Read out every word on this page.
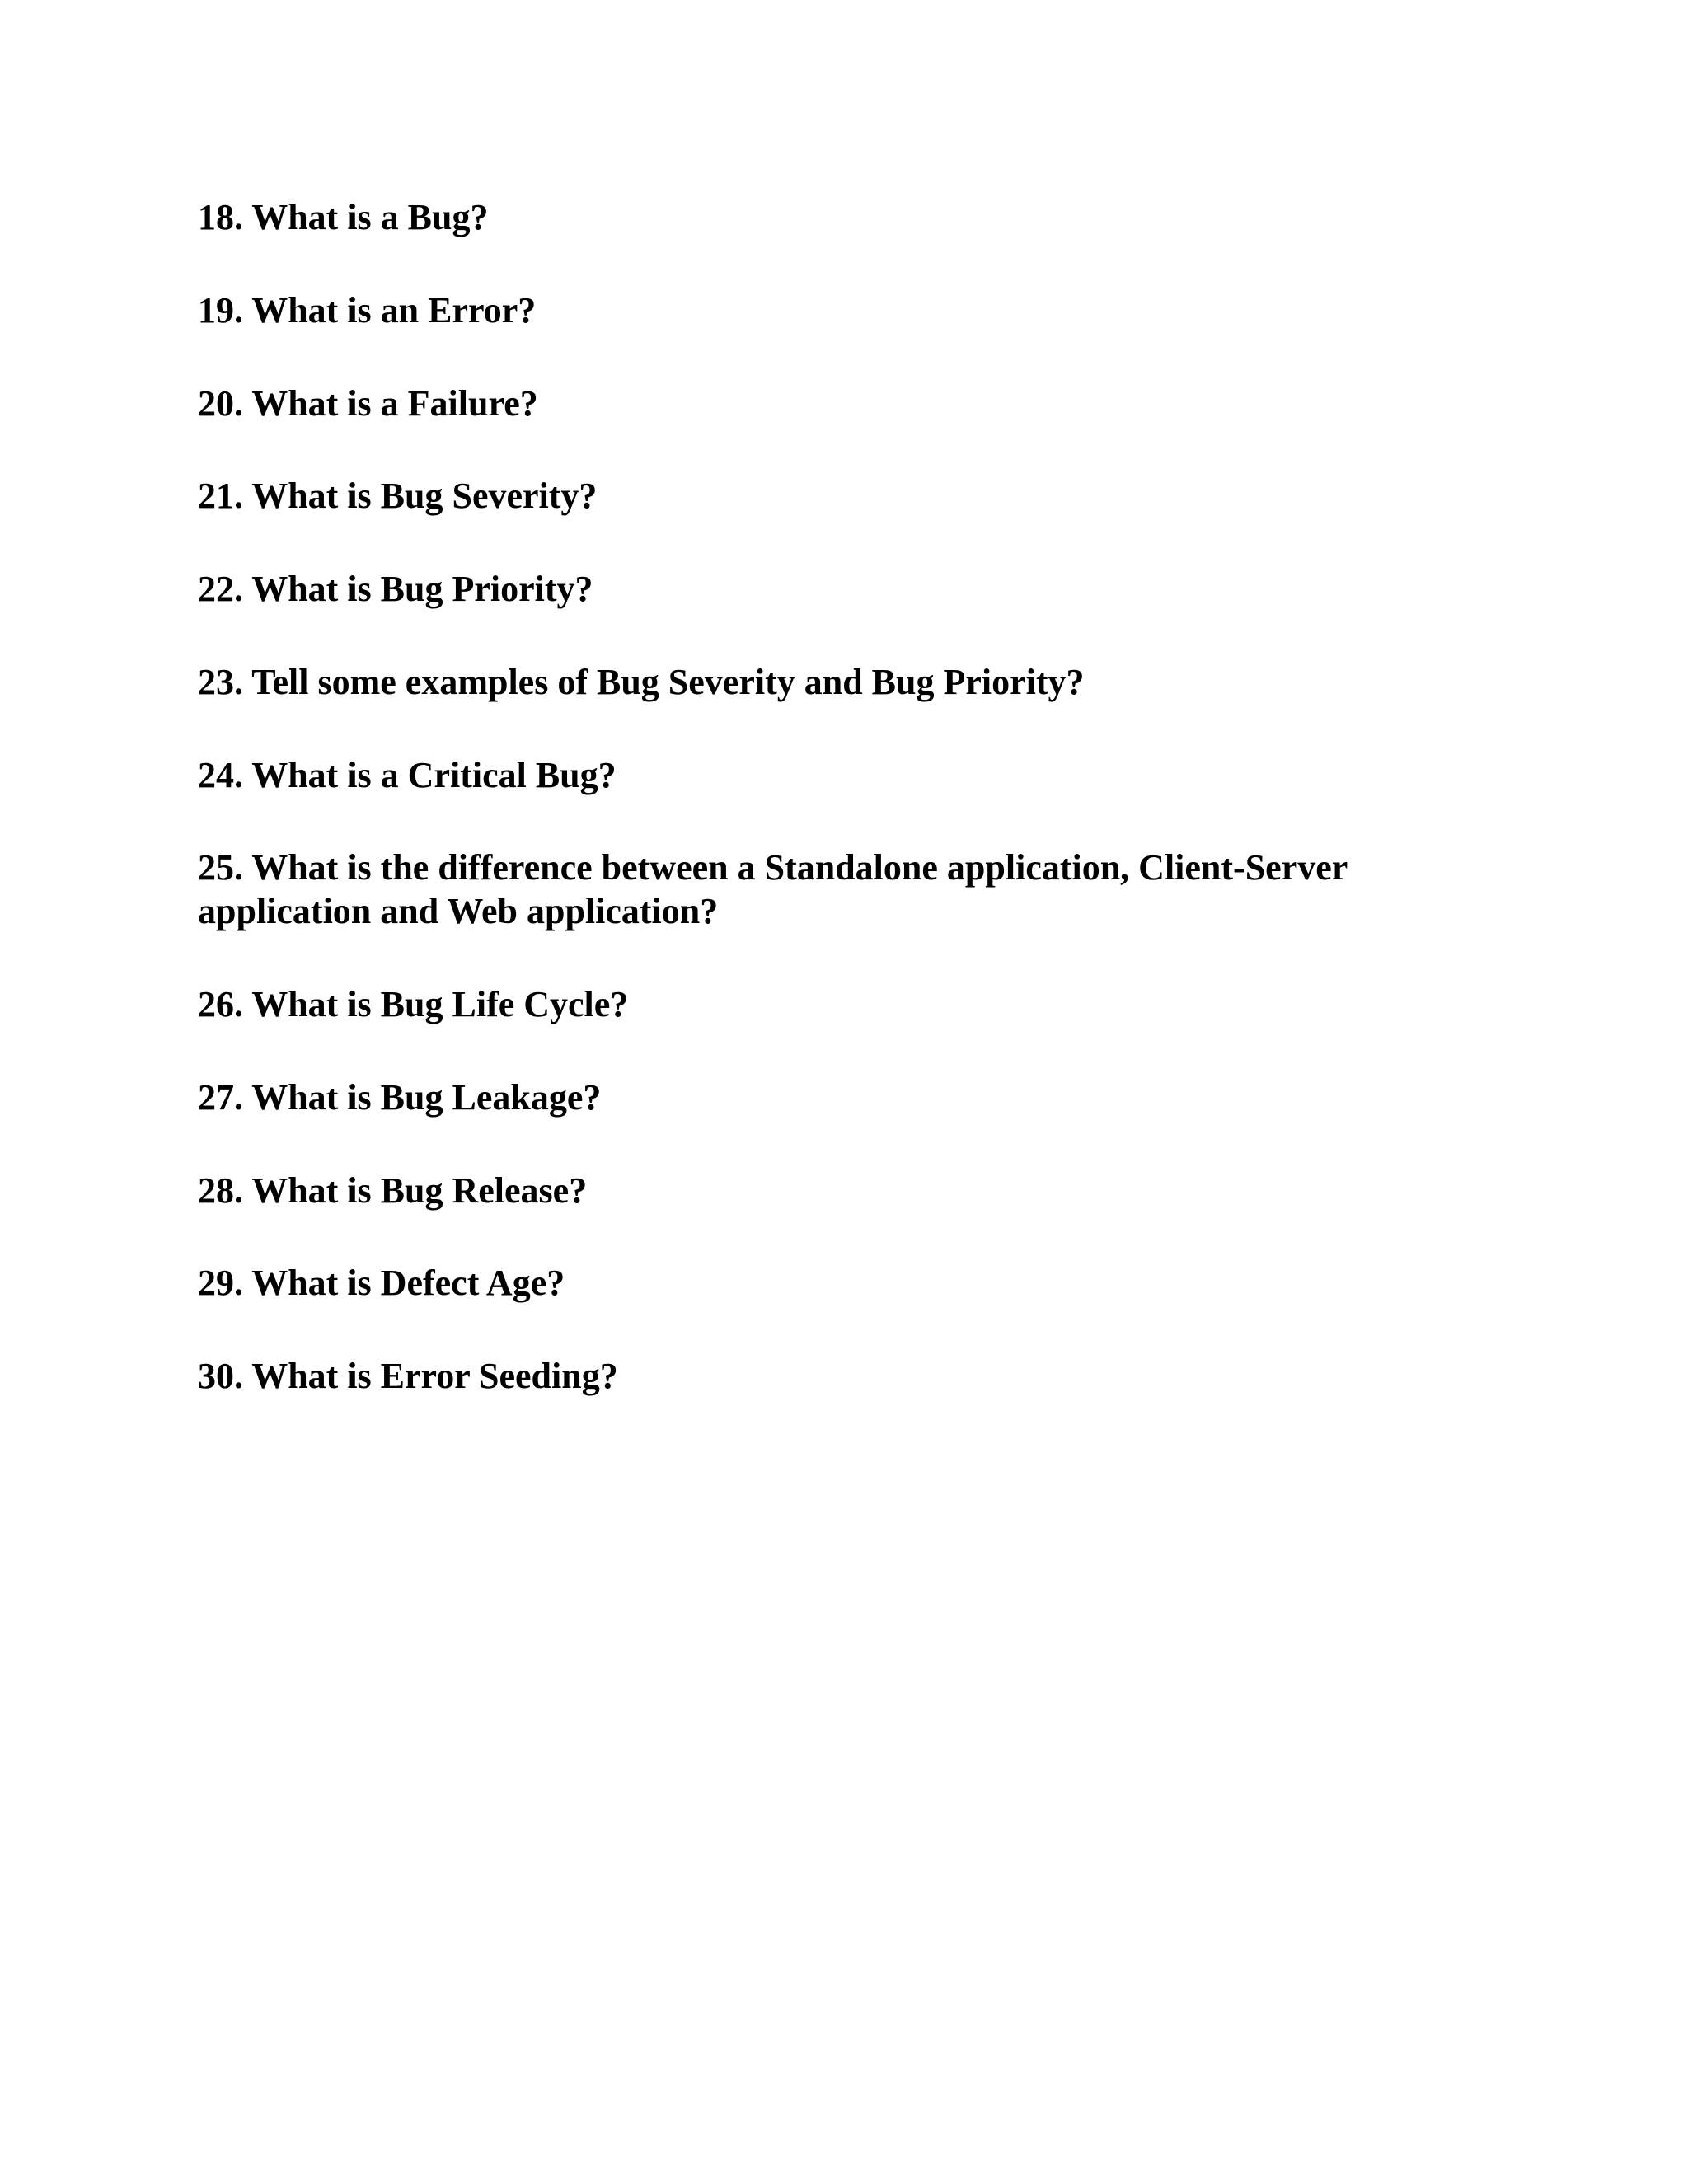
18. What is a Bug?
19. What is an Error?
20. What is a Failure?
21. What is Bug Severity?
22. What is Bug Priority?
23. Tell some examples of Bug Severity and Bug Priority?
24. What is a Critical Bug?
25. What is the difference between a Standalone application, Client-Server application and Web application?
26. What is Bug Life Cycle?
27. What is Bug Leakage?
28. What is Bug Release?
29. What is Defect Age?
30. What is Error Seeding?
